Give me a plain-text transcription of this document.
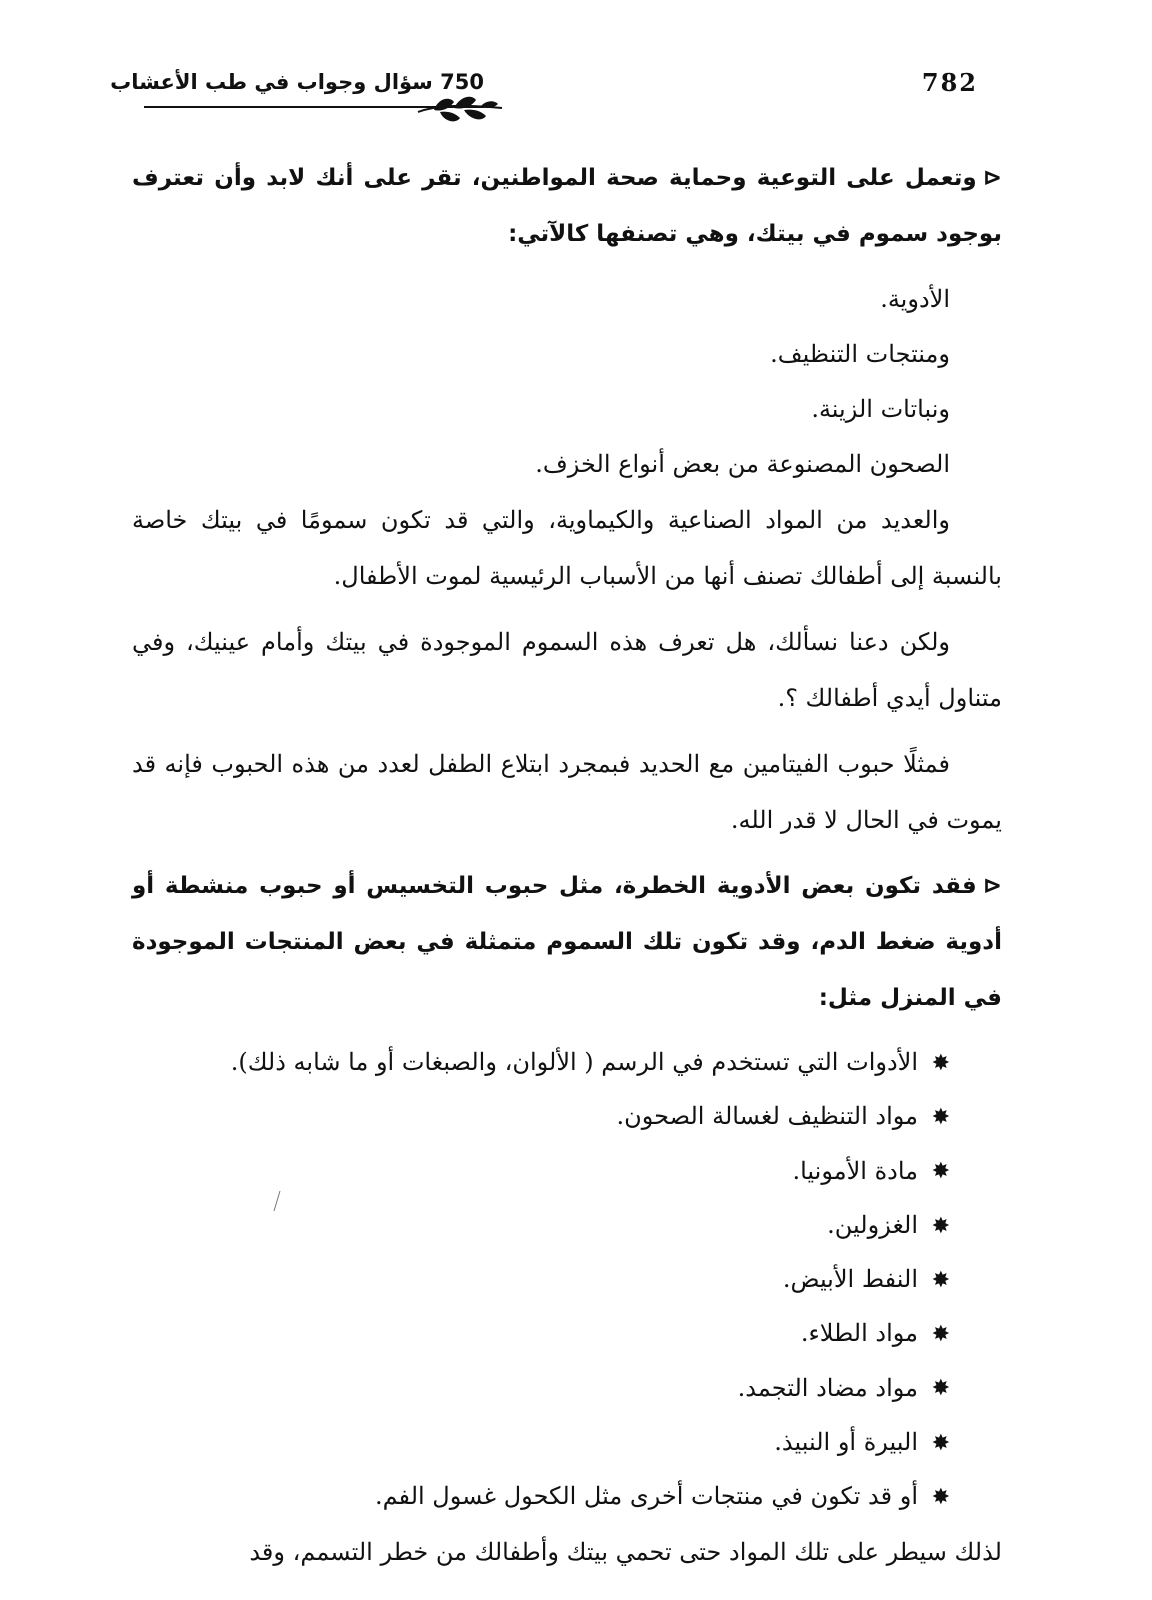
782
750 سؤال وجواب في طب الأعشاب

⊲وتعمل على التوعية وحماية صحة المواطنين، تقر على أنك لابد وأن تعترف بوجود سموم في بيتك، وهي تصنفها كالآتي:

الأدوية.

ومنتجات التنظيف.

ونباتات الزينة.

الصحون المصنوعة من بعض أنواع الخزف.

والعديد من المواد الصناعية والكيماوية، والتي قد تكون سمومًا في بيتك خاصة بالنسبة إلى أطفالك تصنف أنها من الأسباب الرئيسية لموت الأطفال.

ولكن دعنا نسألك، هل تعرف هذه السموم الموجودة في بيتك وأمام عينيك، وفي متناول أيدي أطفالك ؟.

فمثلًا حبوب الفيتامين مع الحديد فبمجرد ابتلاع الطفل لعدد من هذه الحبوب فإنه قد يموت في الحال لا قدر الله.

⊲فقد تكون بعض الأدوية الخطرة، مثل حبوب التخسيس أو حبوب منشطة أو أدوية ضغط الدم، وقد تكون تلك السموم متمثلة في بعض المنتجات الموجودة في المنزل مثل:

✸الأدوات التي تستخدم في الرسم ( الألوان، والصبغات أو ما شابه ذلك).
✸مواد التنظيف لغسالة الصحون.
✸مادة الأمونيا.
✸الغزولين.
✸النفط الأبيض.
✸مواد الطلاء.
✸مواد مضاد التجمد.
✸البيرة أو النبيذ.
✸أو قد تكون في منتجات أخرى مثل الكحول غسول الفم.

لذلك سيطر على تلك المواد حتى تحمي بيتك وأطفالك من خطر التسمم، وقد
